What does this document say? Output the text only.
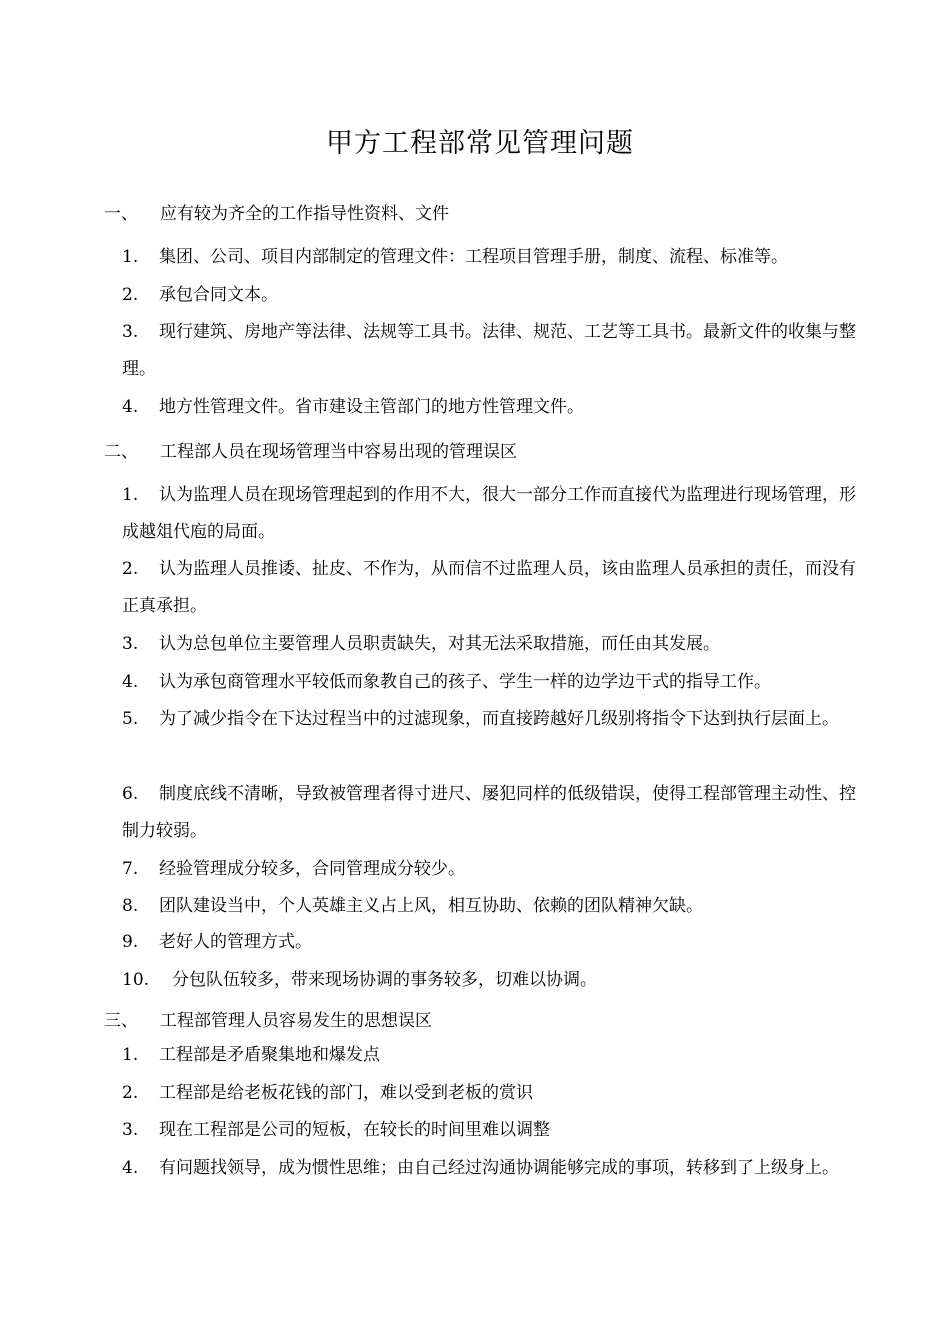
甲方工程部常见管理问题
一、 应有较为齐全的工作指导性资料、文件
1. 集团、公司、项目内部制定的管理文件：工程项目管理手册，制度、流程、标准等。
2. 承包合同文本。
3. 现行建筑、房地产等法律、法规等工具书。法律、规范、工艺等工具书。最新文件的收集与整理。
4. 地方性管理文件。省市建设主管部门的地方性管理文件。
二、 工程部人员在现场管理当中容易出现的管理误区
1. 认为监理人员在现场管理起到的作用不大，很大一部分工作而直接代为监理进行现场管理，形成越俎代庖的局面。
2. 认为监理人员推诿、扯皮、不作为，从而信不过监理人员，该由监理人员承担的责任，而没有正真承担。
3. 认为总包单位主要管理人员职责缺失，对其无法采取措施，而任由其发展。
4. 认为承包商管理水平较低而象教自己的孩子、学生一样的边学边干式的指导工作。
5. 为了减少指令在下达过程当中的过滤现象，而直接跨越好几级别将指令下达到执行层面上。
6. 制度底线不清晰，导致被管理者得寸进尺、屡犯同样的低级错误，使得工程部管理主动性、控制力较弱。
7. 经验管理成分较多，合同管理成分较少。
8. 团队建设当中，个人英雄主义占上风，相互协助、依赖的团队精神欠缺。
9. 老好人的管理方式。
10. 分包队伍较多，带来现场协调的事务较多，切难以协调。
三、 工程部管理人员容易发生的思想误区
1. 工程部是矛盾聚集地和爆发点
2. 工程部是给老板花钱的部门，难以受到老板的赏识
3. 现在工程部是公司的短板，在较长的时间里难以调整
4. 有问题找领导，成为惯性思维；由自己经过沟通协调能够完成的事项，转移到了上级身上。
